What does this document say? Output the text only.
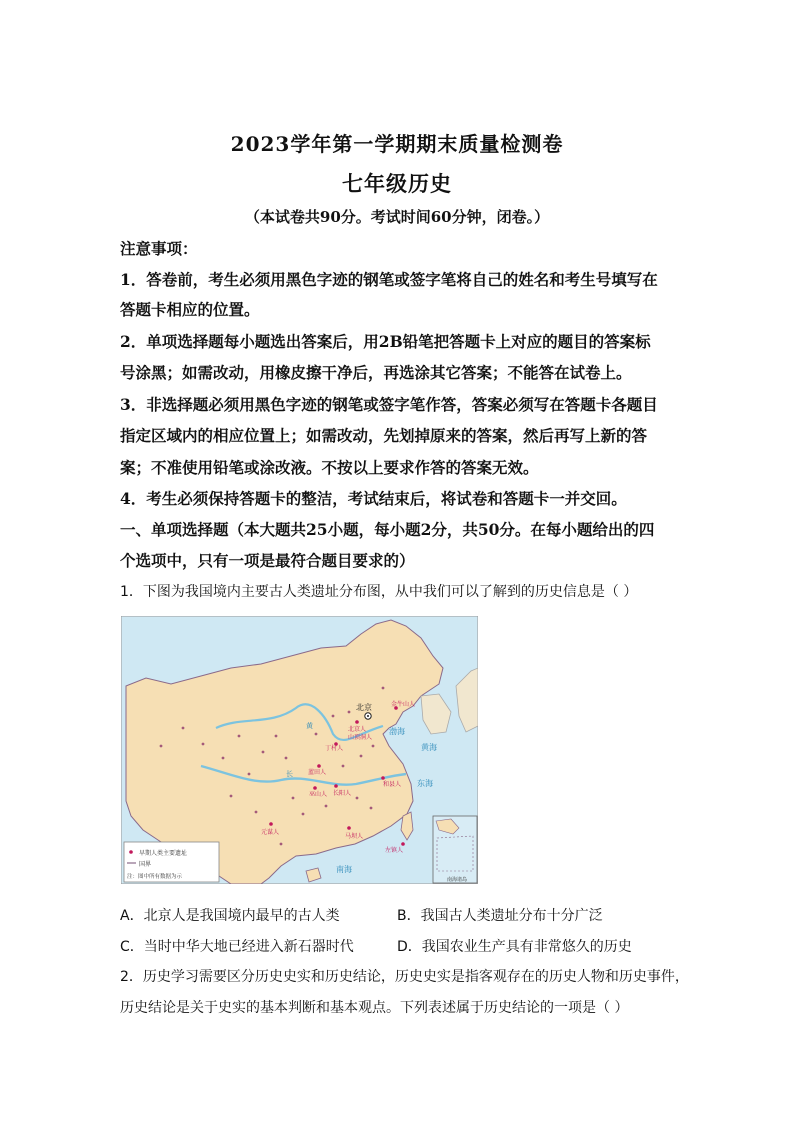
2023学年第一学期期末质量检测卷
七年级历史
（本试卷共90分。考试时间60分钟，闭卷。）
注意事项：
1．答卷前，考生必须用黑色字迹的钢笔或签字笔将自己的姓名和考生号填写在
答题卡相应的位置。
2．单项选择题每小题选出答案后，用2B铅笔把答题卡上对应的题目的答案标
号涂黑；如需改动，用橡皮擦干净后，再选涂其它答案；不能答在试卷上。
3．非选择题必须用黑色字迹的钢笔或签字笔作答，答案必须写在答题卡各题目
指定区域内的相应位置上；如需改动，先划掉原来的答案，然后再写上新的答
案；不准使用铅笔或涂改液。不按以上要求作答的答案无效。
4．考生必须保持答题卡的整洁，考试结束后，将试卷和答题卡一并交回。
一、单项选择题（本大题共25小题，每小题2分，共50分。在每小题给出的四
个选项中，只有一项是最符合题目要求的）
1．下图为我国境内主要古人类遗址分布图，从中我们可以了解到的历史信息是（ ）
黄
长
渤海
黄海
东海
南海
北京	金牛山人
北京人
山顶洞人
丁村人
蓝田人
和县人
巫山人 长阳人
元谋人
马坝人
左镇人
早期人类主要遗址
国界
注：图中所有数据为示	南海诸岛
A．北京人是我国境内最早的古人类	B．我国古人类遗址分布十分广泛
C．当时中华大地已经进入新石器时代	D．我国农业生产具有非常悠久的历史
2．历史学习需要区分历史史实和历史结论，历史史实是指客观存在的历史人物和历史事件，
历史结论是关于史实的基本判断和基本观点。下列表述属于历史结论的一项是（ ）
